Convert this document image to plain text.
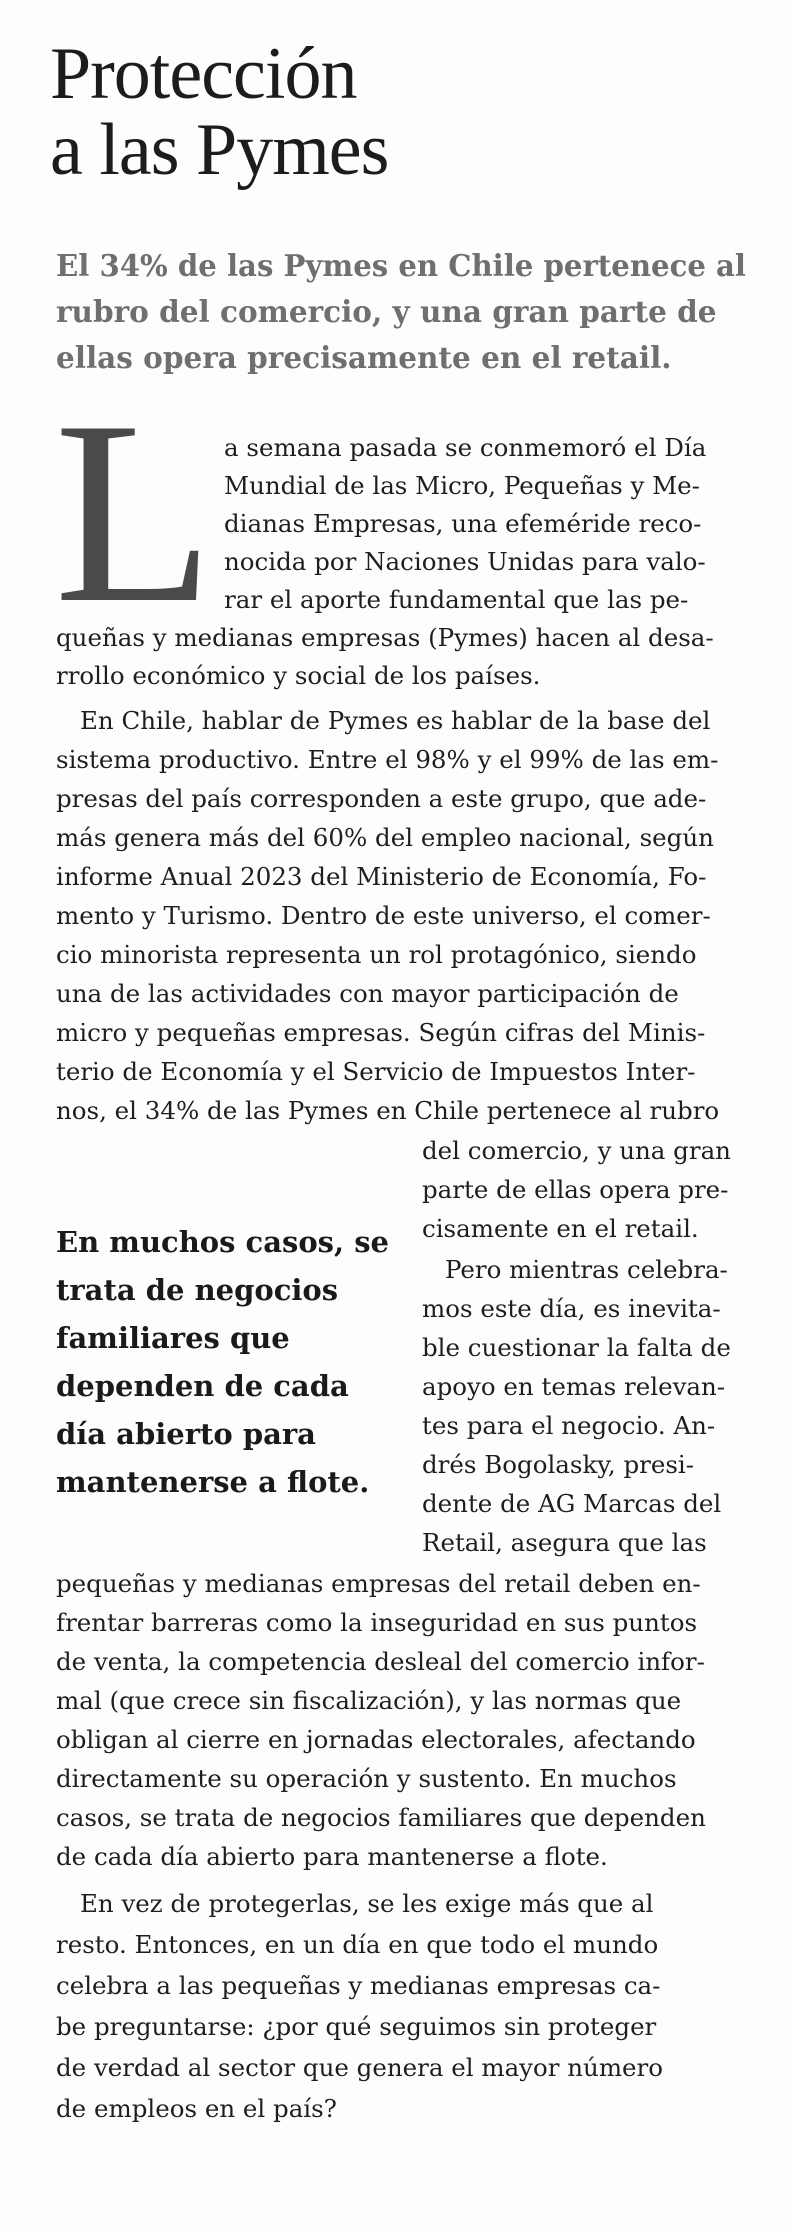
Protección
a las Pymes

El 34% de las Pymes en Chile pertenece al
rubro del comercio, y una gran parte de
ellas opera precisamente en el retail.

L a semana pasada se conmemoró el Día
Mundial de las Micro, Pequeñas y Me-
dianas Empresas, una efeméride reco-
nocida por Naciones Unidas para valo-
rar el aporte fundamental que las pe-
queñas y medianas empresas (Pymes) hacen al desa-
rrollo económico y social de los países.
En Chile, hablar de Pymes es hablar de la base del
sistema productivo. Entre el 98% y el 99% de las em-
presas del país corresponden a este grupo, que ade-
más genera más del 60% del empleo nacional, según
informe Anual 2023 del Ministerio de Economía, Fo-
mento y Turismo. Dentro de este universo, el comer-
cio minorista representa un rol protagónico, siendo
una de las actividades con mayor participación de
micro y pequeñas empresas. Según cifras del Minis-
terio de Economía y el Servicio de Impuestos Inter-
nos, el 34% de las Pymes en Chile pertenece al rubro
del comercio, y una gran
parte de ellas opera pre-
cisamente en el retail.
Pero mientras celebra-
mos este día, es inevita-
ble cuestionar la falta de
apoyo en temas relevan-
tes para el negocio. An-
drés Bogolasky, presi-
dente de AG Marcas del
Retail, asegura que las
pequeñas y medianas empresas del retail deben en-
frentar barreras como la inseguridad en sus puntos
de venta, la competencia desleal del comercio infor-
mal (que crece sin fiscalización), y las normas que
obligan al cierre en jornadas electorales, afectando
directamente su operación y sustento. En muchos
casos, se trata de negocios familiares que dependen
de cada día abierto para mantenerse a flote.
En vez de protegerlas, se les exige más que al
resto. Entonces, en un día en que todo el mundo
celebra a las pequeñas y medianas empresas ca-
be preguntarse: ¿por qué seguimos sin proteger
de verdad al sector que genera el mayor número
de empleos en el país?

En muchos casos, se
trata de negocios
familiares que
dependen de cada
día abierto para
mantenerse a flote.
